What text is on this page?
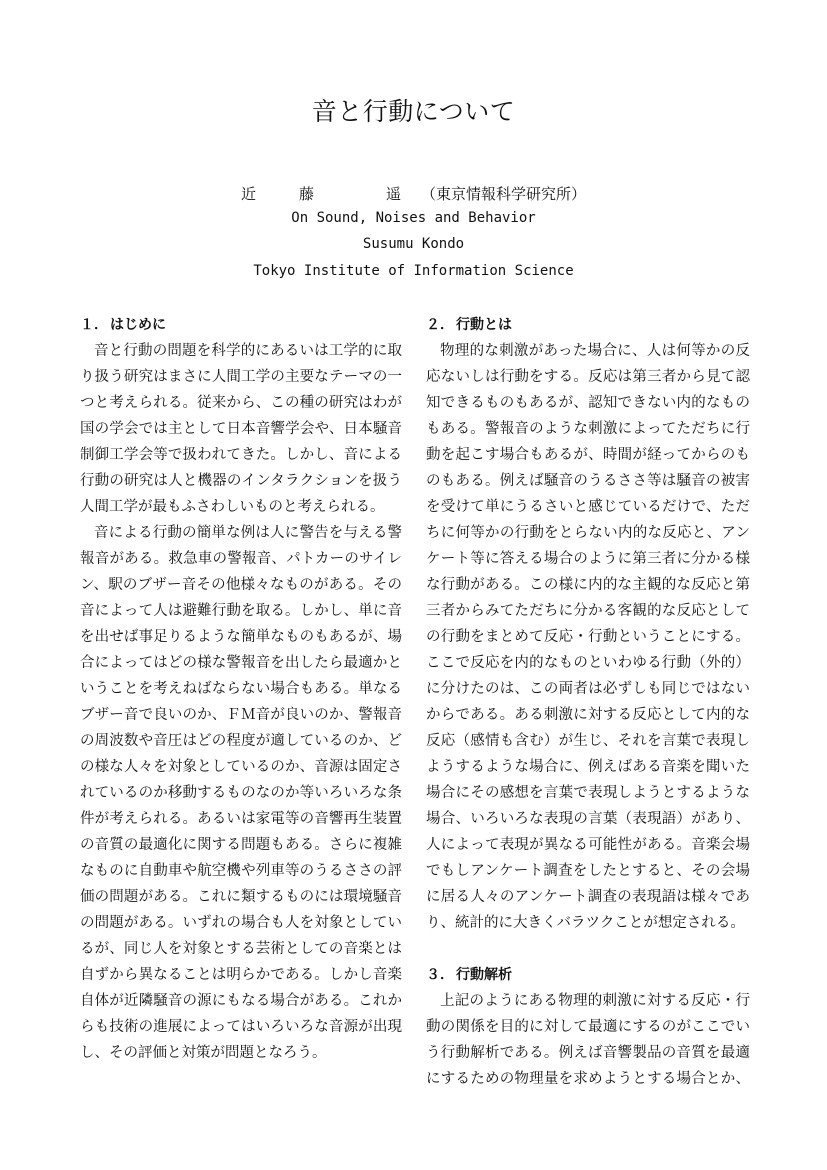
音と行動について
近　藤　　遥 （東京情報科学研究所）
On Sound, Noises and Behavior
Susumu Kondo
Tokyo Institute of Information Science
１． はじめに
音と行動の問題を科学的にあるいは工学的に取
り扱う研究はまさに人間工学の主要なテーマの一
つと考えられる。従来から、この種の研究はわが
国の学会では主として日本音響学会や、日本騒音
制御工学会等で扱われてきた。しかし、音による
行動の研究は人と機器のインタラクションを扱う
人間工学が最もふさわしいものと考えられる。
音による行動の簡単な例は人に警告を与える警
報音がある。救急車の警報音、パトカーのサイレ
ン、駅のブザー音その他様々なものがある。その
音によって人は避難行動を取る。しかし、単に音
を出せば事足りるような簡単なものもあるが、場
合によってはどの様な警報音を出したら最適かと
いうことを考えねばならない場合もある。単なる
ブザー音で良いのか、ＦＭ音が良いのか、警報音
の周波数や音圧はどの程度が適しているのか、ど
の様な人々を対象としているのか、音源は固定さ
れているのか移動するものなのか等いろいろな条
件が考えられる。あるいは家電等の音響再生装置
の音質の最適化に関する問題もある。さらに複雑
なものに自動車や航空機や列車等のうるささの評
価の問題がある。これに類するものには環境騒音
の問題がある。いずれの場合も人を対象としてい
るが、同じ人を対象とする芸術としての音楽とは
自ずから異なることは明らかである。しかし音楽
自体が近隣騒音の源にもなる場合がある。これか
らも技術の進展によってはいろいろな音源が出現
し、その評価と対策が問題となろう。
２． 行動とは
物理的な刺激があった場合に、人は何等かの反
応ないしは行動をする。反応は第三者から見て認
知できるものもあるが、認知できない内的なもの
もある。警報音のような刺激によってただちに行
動を起こす場合もあるが、時間が経ってからのも
のもある。例えば騒音のうるささ等は騒音の被害
を受けて単にうるさいと感じているだけで、ただ
ちに何等かの行動をとらない内的な反応と、アン
ケート等に答える場合のように第三者に分かる様
な行動がある。この様に内的な主観的な反応と第
三者からみてただちに分かる客観的な反応として
の行動をまとめて反応・行動ということにする。
ここで反応を内的なものといわゆる行動（外的）
に分けたのは、この両者は必ずしも同じではない
からである。ある刺激に対する反応として内的な
反応（感情も含む）が生じ、それを言葉で表現し
ようするような場合に、例えばある音楽を聞いた
場合にその感想を言葉で表現しようとするような
場合、いろいろな表現の言葉（表現語）があり、
人によって表現が異なる可能性がある。音楽会場
でもしアンケート調査をしたとすると、その会場
に居る人々のアンケート調査の表現語は様々であ
り、統計的に大きくバラツクことが想定される。
３． 行動解析
上記のようにある物理的刺激に対する反応・行
動の関係を目的に対して最適にするのがここでい
う行動解析である。例えば音響製品の音質を最適
にするための物理量を求めようとする場合とか、
